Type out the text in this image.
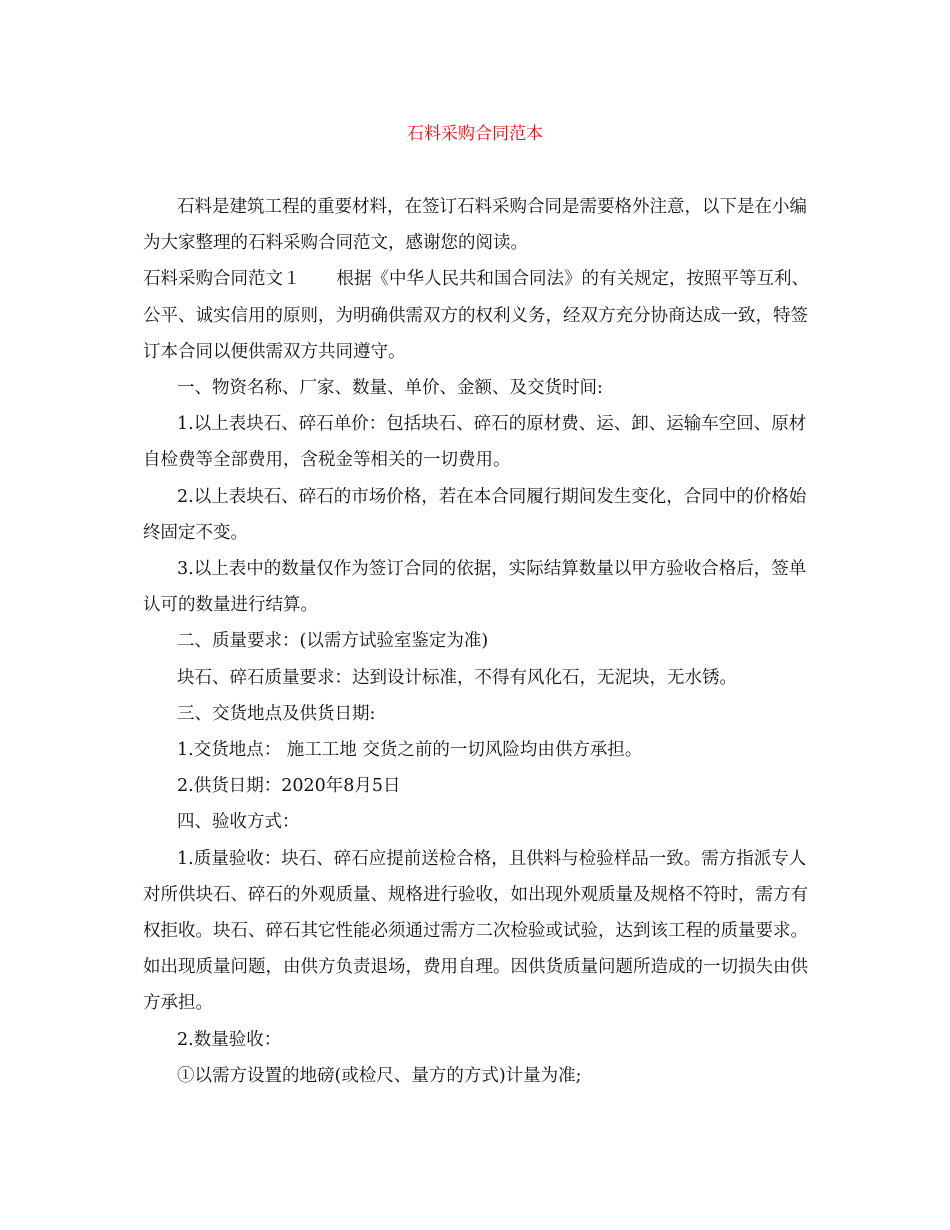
石料采购合同范本

石料是建筑工程的重要材料，在签订石料采购合同是需要格外注意，以下是在小编为大家整理的石料采购合同范文，感谢您的阅读。

石料采购合同范文１ 根据《中华人民共和国合同法》的有关规定，按照平等互利、公平、诚实信用的原则，为明确供需双方的权利义务，经双方充分协商达成一致，特签订本合同以便供需双方共同遵守。

一、物资名称、厂家、数量、单价、金额、及交货时间:

1.以上表块石、碎石单价：包括块石、碎石的原材费、运、卸、运输车空回、原材自检费等全部费用，含税金等相关的一切费用。

2.以上表块石、碎石的市场价格，若在本合同履行期间发生变化，合同中的价格始终固定不变。

3.以上表中的数量仅作为签订合同的依据，实际结算数量以甲方验收合格后，签单认可的数量进行结算。

二、质量要求：(以需方试验室鉴定为准)

块石、碎石质量要求：达到设计标准，不得有风化石，无泥块，无水锈。

三、交货地点及供货日期:

1.交货地点： 施工工地 交货之前的一切风险均由供方承担。

2.供货日期：2020年8月5日

四、验收方式：

1.质量验收：块石、碎石应提前送检合格，且供料与检验样品一致。需方指派专人对所供块石、碎石的外观质量、规格进行验收，如出现外观质量及规格不符时，需方有权拒收。块石、碎石其它性能必须通过需方二次检验或试验，达到该工程的质量要求。如出现质量问题，由供方负责退场，费用自理。因供货质量问题所造成的一切损失由供方承担。

2.数量验收：

①以需方设置的地磅(或检尺、量方的方式)计量为准;
